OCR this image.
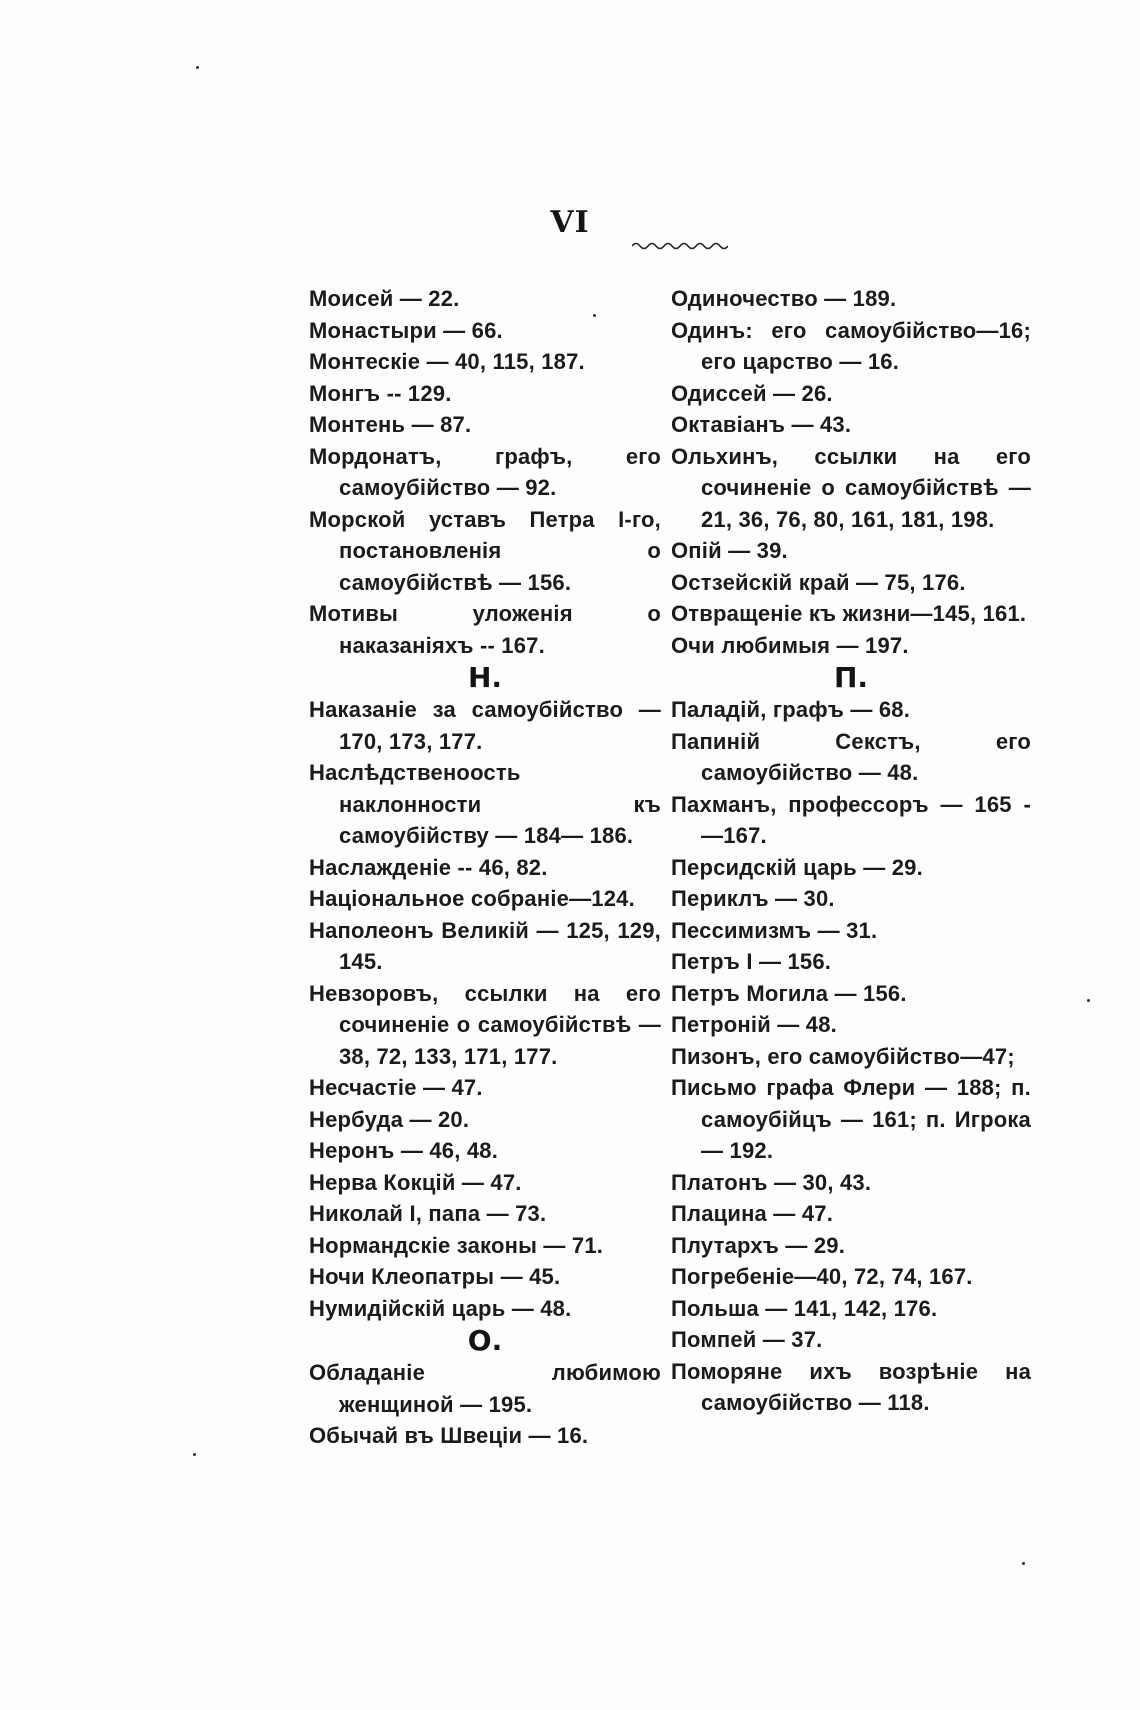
VI
Моисей — 22.
Монастыри — 66.
Монтескіе — 40, 115, 187.
Монгъ -- 129.
Монтень — 87.
Мордонатъ, графъ, его самоубійство — 92.
Морской уставъ Петра І-го, постановленія о самоубійствѣ — 156.
Мотивы уложенія о наказаніяхъ -- 167.
Н.
Наказаніе за самоубійство — 170, 173, 177.
Наслѣдственоость наклонности къ самоубійству — 184— 186.
Наслажденіе -- 46, 82.
Національное собраніе—124.
Наполеонъ Великій — 125, 129, 145.
Невзоровъ, ссылки на его сочиненіе о самоубійствѣ — 38, 72, 133, 171, 177.
Несчастіе — 47.
Нербуда — 20.
Неронъ — 46, 48.
Нерва Кокцій — 47.
Николай I, папа — 73.
Нормандскіе законы — 71.
Ночи Клеопатры — 45.
Нумидійскій царь — 48.
О.
Обладаніе любимою женщиной — 195.
Обычай въ Швеціи — 16.
Одиночество — 189.
Одинъ: его самоубійство—16; его царство — 16.
Одиссей — 26.
Октавіанъ — 43.
Ольхинъ, ссылки на его сочиненіе о самоубійствѣ — 21, 36, 76, 80, 161, 181, 198.
Опій — 39.
Остзейскій край — 75, 176.
Отвращеніе къ жизни—145, 161.
Очи любимыя — 197.
П.
Паладій, графъ — 68.
Папиній Секстъ, его самоубійство — 48.
Пахманъ, профессоръ — 165 -—167.
Персидскій царь — 29.
Периклъ — 30.
Пессимизмъ — 31.
Петръ I — 156.
Петръ Могила — 156.
Петроній — 48.
Пизонъ, его самоубійство—47;
Письмо графа Флери — 188; п. самоубійцъ — 161; п. Игрока — 192.
Платонъ — 30, 43.
Плацина — 47.
Плутархъ — 29.
Погребеніе—40, 72, 74, 167.
Польша — 141, 142, 176.
Помпей — 37.
Поморяне ихъ возрѣніе на самоубійство — 118.
